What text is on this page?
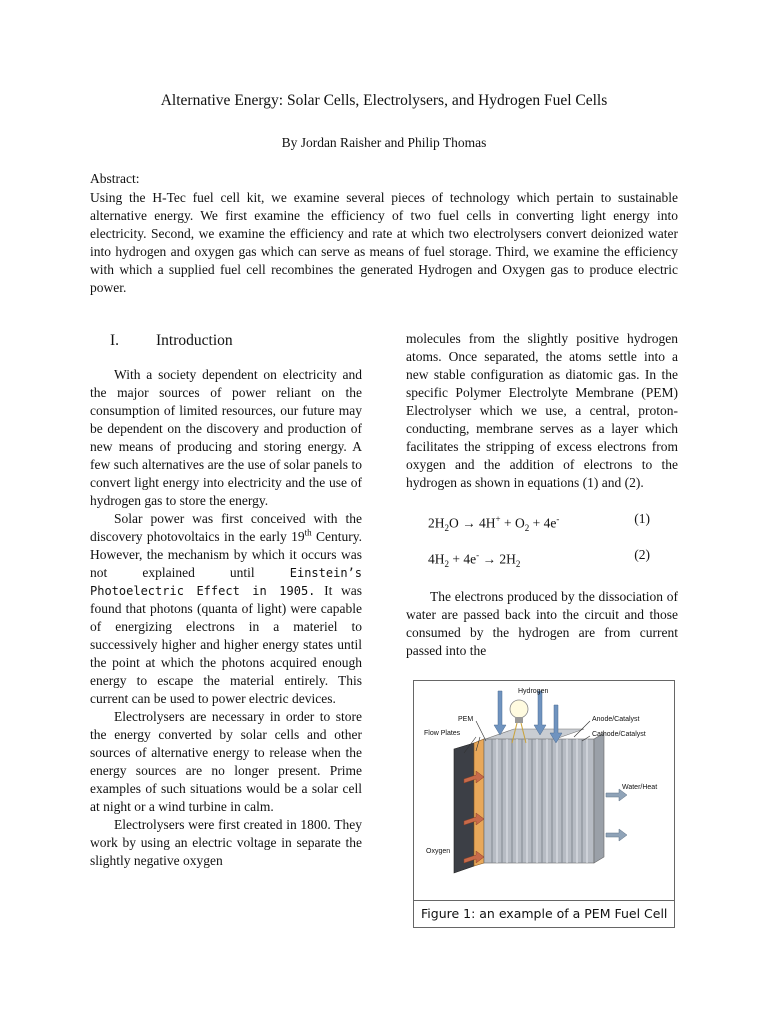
Alternative Energy: Solar Cells, Electrolysers, and Hydrogen Fuel Cells
By Jordan Raisher and Philip Thomas
Abstract:
Using the H-Tec fuel cell kit, we examine several pieces of technology which pertain to sustainable alternative energy. We first examine the efficiency of two fuel cells in converting light energy into electricity. Second, we examine the efficiency and rate at which two electrolysers convert deionized water into hydrogen and oxygen gas which can serve as means of fuel storage. Third, we examine the efficiency with which a supplied fuel cell recombines the generated Hydrogen and Oxygen gas to produce electric power.
I.	Introduction

With a society dependent on electricity and the major sources of power reliant on the consumption of limited resources, our future may be dependent on the discovery and production of new means of producing and storing energy. A few such alternatives are the use of solar panels to convert light energy into electricity and the use of hydrogen gas to store the energy.

Solar power was first conceived with the discovery photovoltaics in the early 19th Century. However, the mechanism by which it occurs was not explained until Einstein’s Photoelectric Effect in 1905. It was found that photons (quanta of light) were capable of energizing electrons in a materiel to successively higher and higher energy states until the point at which the photons acquired enough energy to escape the material entirely. This current can be used to power electric devices.

Electrolysers are necessary in order to store the energy converted by solar cells and other sources of alternative energy to release when the energy sources are no longer present. Prime examples of such situations would be a solar cell at night or a wind turbine in calm.

Electrolysers were first created in 1800. They work by using an electric voltage in separate the slightly negative oxygen

molecules from the slightly positive hydrogen atoms. Once separated, the atoms settle into a new stable configuration as diatomic gas. In the specific Polymer Electrolyte Membrane (PEM) Electrolyser which we use, a central, proton-conducting, membrane serves as a layer which facilitates the stripping of excess electrons from oxygen and the addition of electrons to the hydrogen as shown in equations (1) and (2).

$2H_2O \to 4H^+ + O_2 + 4e^-$	(1)
$4H_2 + 4e^- \to 2H_2$
(2)

The electrons produced by the dissociation of water are passed back into the circuit and those consumed by the hydrogen are from current passed into the

Hydrogen
PEM
Flow Plates
Anode/Catalyst
Cathode/Catalyst
Water/Heat
Oxygen
Figure 1: an example of a PEM Fuel Cell
